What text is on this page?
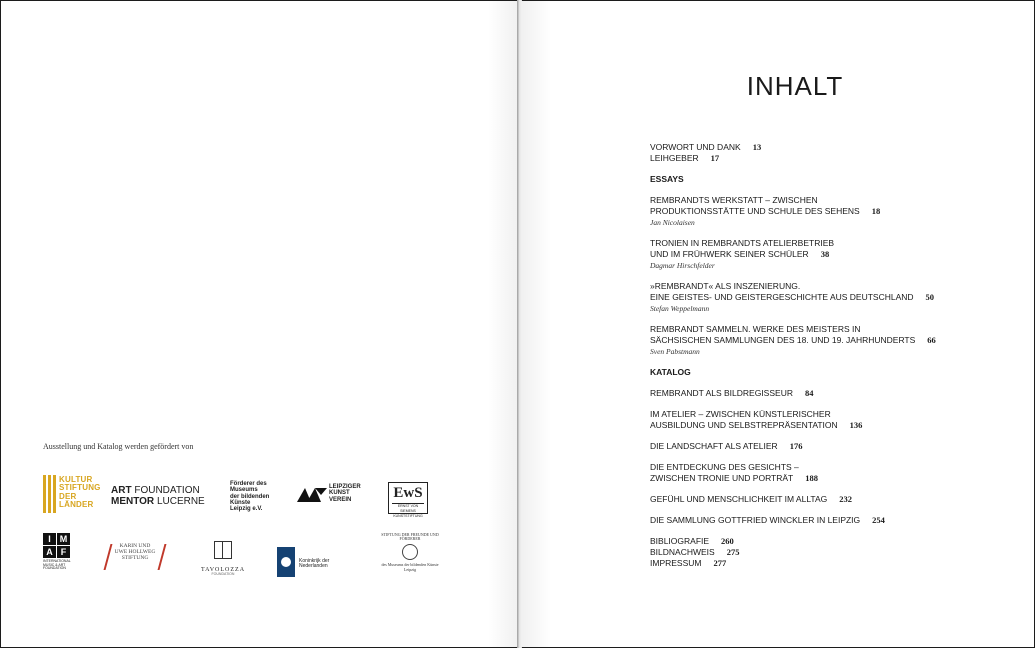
Ausstellung und Katalog werden gefördert von
KULTUR
STIFTUNG
DER
LÄNDER
ART FOUNDATION
MENTOR LUCERNE
Förderer des
Museums
der bildenden
Künste
Leipzig e.V.
LEIPZIGER
KUNST
VEREIN	EwS
ERNST VON SIEMENS KUNSTSTIFTUNG
I	M
A F
INTERNATIONAL MUSIC & ART FOUNDATION
KARIN UND
UWE HOLLWEG
STIFTUNG
TAVOLOZZA
FOUNDATION
Koninkrijk der Nederlanden
STIFTUNG DER FREUNDE UND FÖRDERER
des Museums der bildenden Künste Leipzig
INHALT
VORWORT UND DANK 13
LEIHGEBER 17
ESSAYS
REMBRANDTS WERKSTATT – ZWISCHEN
PRODUKTIONSSTÄTTE UND SCHULE DES SEHENS 18
Jan Nicolaisen
TRONIEN IN REMBRANDTS ATELIERBETRIEB
UND IM FRÜHWERK SEINER SCHÜLER 38
Dagmar Hirschfelder
»REMBRANDT« ALS INSZENIERUNG.
EINE GEISTES- UND GEISTERGESCHICHTE AUS DEUTSCHLAND 50
Stefan Weppelmann
REMBRANDT SAMMELN. WERKE DES MEISTERS IN
SÄCHSISCHEN SAMMLUNGEN DES 18. UND 19. JAHRHUNDERTS 66
Sven Pabstmann
KATALOG
REMBRANDT ALS BILDREGISSEUR 84
IM ATELIER – ZWISCHEN KÜNSTLERISCHER
AUSBILDUNG UND SELBSTREPRÄSENTATION 136
DIE LANDSCHAFT ALS ATELIER 176
DIE ENTDECKUNG DES GESICHTS –
ZWISCHEN TRONIE UND PORTRÄT 188
GEFÜHL UND MENSCHLICHKEIT IM ALLTAG 232
DIE SAMMLUNG GOTTFRIED WINCKLER IN LEIPZIG 254
BIBLIOGRAFIE 260
BILDNACHWEIS 275
IMPRESSUM 277
